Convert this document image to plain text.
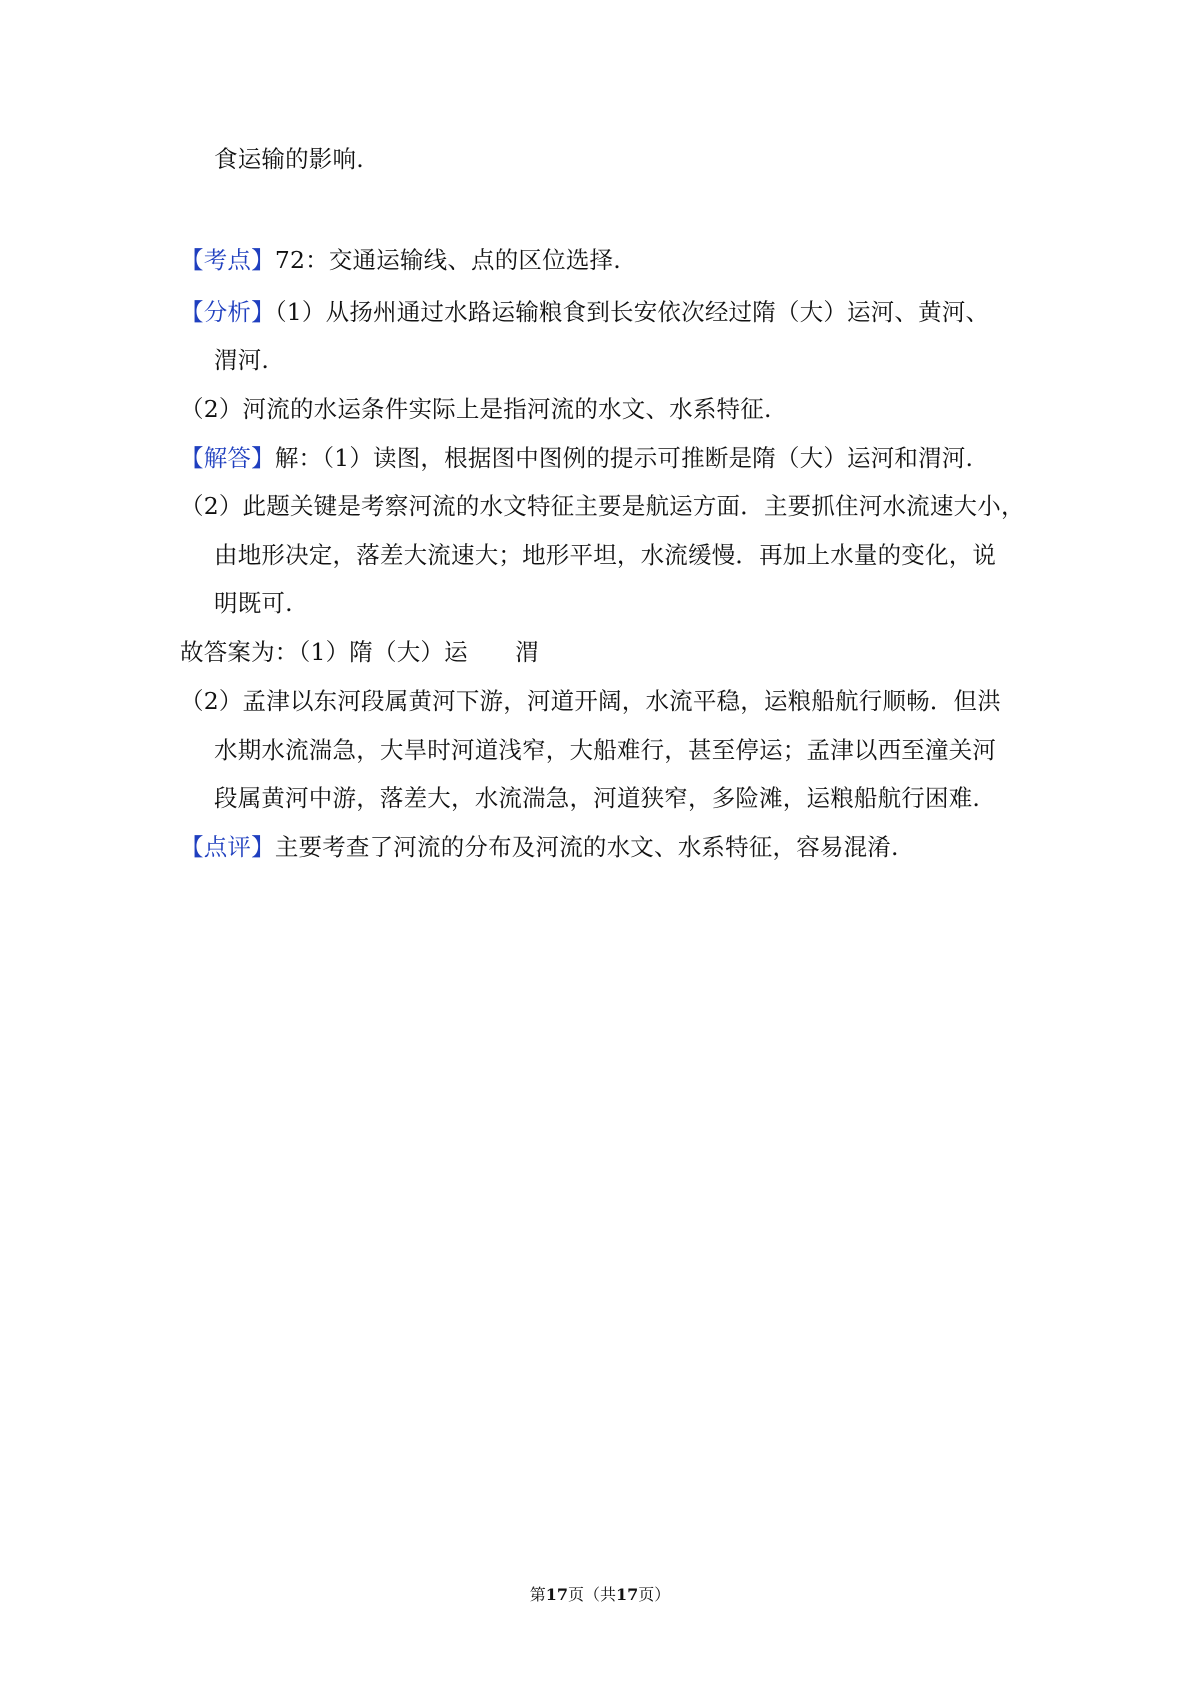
食运输的影响.
【考点】72：交通运输线、点的区位选择.
【分析】（1）从扬州通过水路运输粮食到长安依次经过隋（大）运河、黄河、
渭河.
（2）河流的水运条件实际上是指河流的水文、水系特征.
【解答】解：（1）读图，根据图中图例的提示可推断是隋（大）运河和渭河.
（2）此题关键是考察河流的水文特征主要是航运方面．主要抓住河水流速大小，
由地形决定，落差大流速大；地形平坦，水流缓慢．再加上水量的变化，说
明既可.
故答案为：（1）隋（大）运　　渭
（2）孟津以东河段属黄河下游，河道开阔，水流平稳，运粮船航行顺畅．但洪
水期水流湍急，大旱时河道浅窄，大船难行，甚至停运；孟津以西至潼关河
段属黄河中游，落差大，水流湍急，河道狭窄，多险滩，运粮船航行困难.
【点评】主要考查了河流的分布及河流的水文、水系特征，容易混淆.
第17页（共17页）
